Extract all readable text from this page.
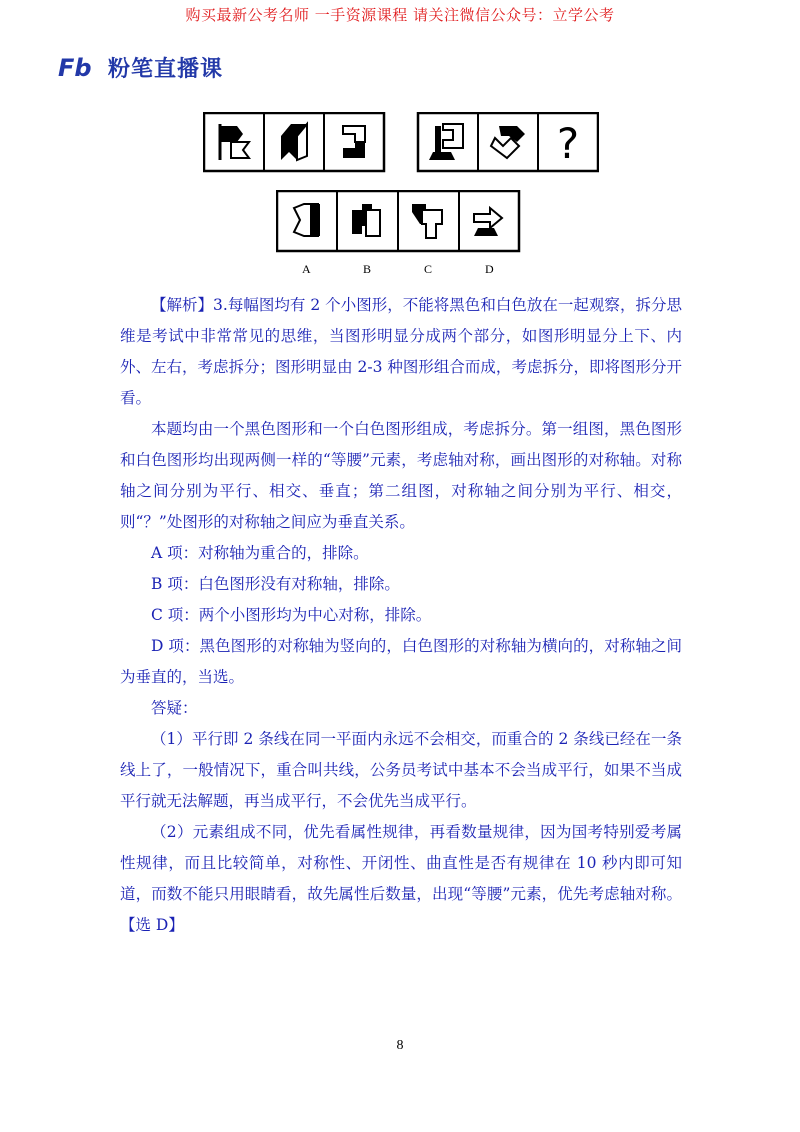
购买最新公考名师 一手资源课程 请关注微信公众号：立学公考
Fb 粉笔直播课
?
A	B	C	D

【解析】3.每幅图均有 2 个小图形，不能将黑色和白色放在一起观察，拆分思维是考试中非常常见的思维，当图形明显分成两个部分，如图形明显分上下、内外、左右，考虑拆分；图形明显由 2-3 种图形组合而成，考虑拆分，即将图形分开看。

本题均由一个黑色图形和一个白色图形组成，考虑拆分。第一组图，黑色图形和白色图形均出现两侧一样的“等腰”元素，考虑轴对称，画出图形的对称轴。对称轴之间分别为平行、相交、垂直；第二组图，对称轴之间分别为平行、相交，则“？”处图形的对称轴之间应为垂直关系。

A 项：对称轴为重合的，排除。

B 项：白色图形没有对称轴，排除。

C 项：两个小图形均为中心对称，排除。

D 项：黑色图形的对称轴为竖向的，白色图形的对称轴为横向的，对称轴之间为垂直的，当选。

答疑：

（1）平行即 2 条线在同一平面内永远不会相交，而重合的 2 条线已经在一条线上了，一般情况下，重合叫共线，公务员考试中基本不会当成平行，如果不当成平行就无法解题，再当成平行，不会优先当成平行。

（2）元素组成不同，优先看属性规律，再看数量规律，因为国考特别爱考属性规律，而且比较简单，对称性、开闭性、曲直性是否有规律在 10 秒内即可知道，而数不能只用眼睛看，故先属性后数量，出现“等腰”元素，优先考虑轴对称。【选 D】

8
